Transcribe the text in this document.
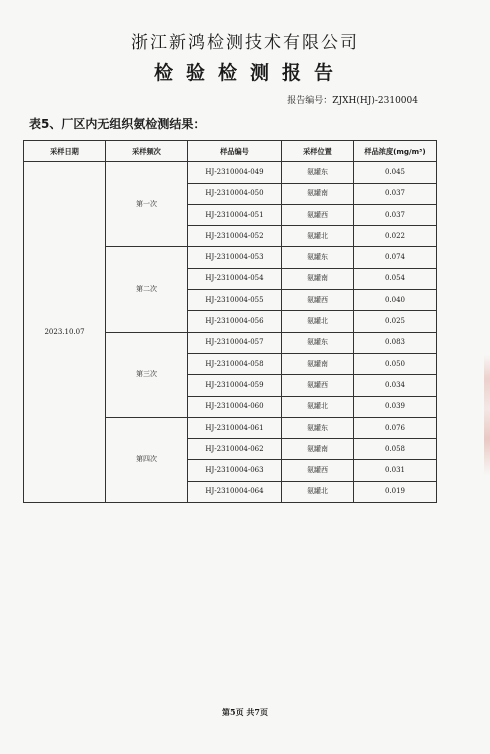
浙江新鸿检测技术有限公司
检验检测报告
报告编号：ZJXH(HJ)-2310004
表5、厂区内无组织氨检测结果：
采样日期	采样频次	样品编号	采样位置	样品浓度(mg/m³)
2023.10.07	第一次	HJ-2310004-049	氨罐东	0.045
		HJ-2310004-050	氨罐南	0.037
		HJ-2310004-051	氨罐西	0.037
		HJ-2310004-052	氨罐北	0.022
	第二次	HJ-2310004-053	氨罐东	0.074
		HJ-2310004-054	氨罐南	0.054
		HJ-2310004-055	氨罐西	0.040
		HJ-2310004-056	氨罐北	0.025
	第三次	HJ-2310004-057	氨罐东	0.083
		HJ-2310004-058	氨罐南	0.050
		HJ-2310004-059	氨罐西	0.034
		HJ-2310004-060	氨罐北	0.039
	第四次	HJ-2310004-061	氨罐东	0.076
		HJ-2310004-062	氨罐南	0.058
		HJ-2310004-063	氨罐西	0.031
		HJ-2310004-064	氨罐北	0.019
第5页 共7页
